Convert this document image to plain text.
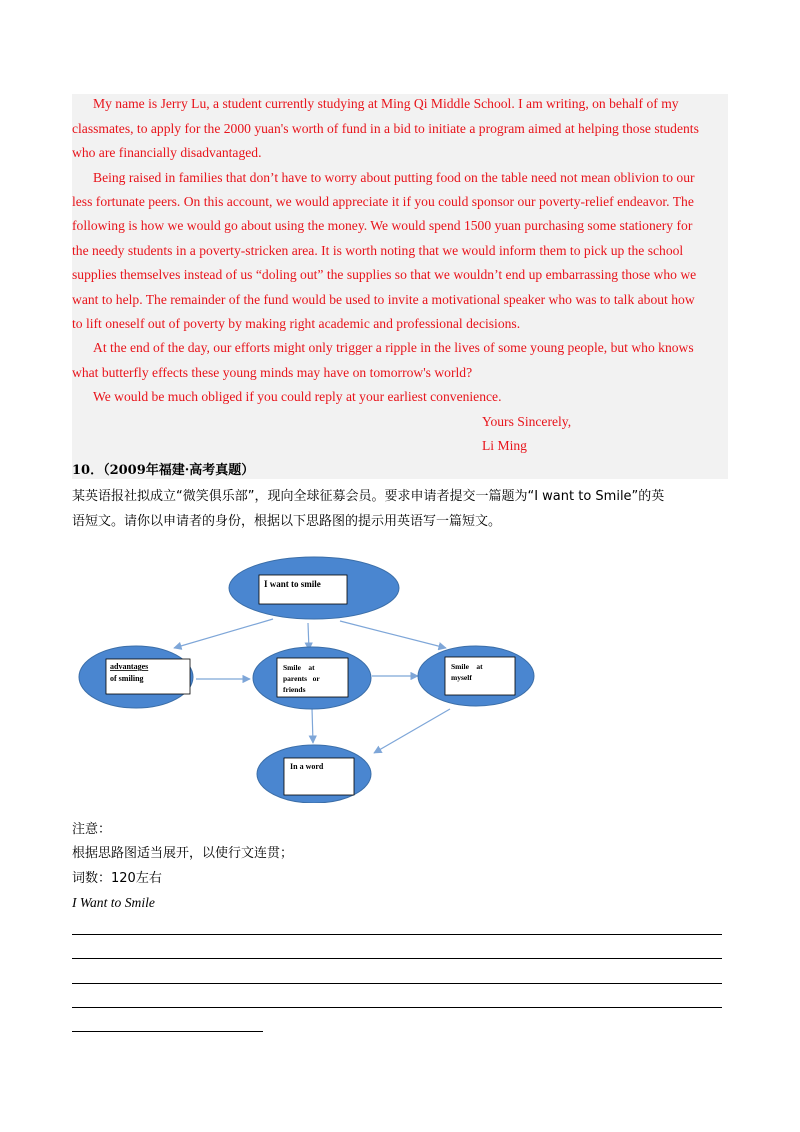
My name is Jerry Lu, a student currently studying at Ming Qi Middle School. I am writing, on behalf of my
classmates, to apply for the 2000 yuan's worth of fund in a bid to initiate a program aimed at helping those students
who are financially disadvantaged.
Being raised in families that don’t have to worry about putting food on the table need not mean oblivion to our
less fortunate peers. On this account, we would appreciate it if you could sponsor our poverty-relief endeavor. The
following is how we would go about using the money. We would spend 1500 yuan purchasing some stationery for
the needy students in a poverty-stricken area. It is worth noting that we would inform them to pick up the school
supplies themselves instead of us “doling out” the supplies so that we wouldn’t end up embarrassing those who we
want to help. The remainder of the fund would be used to invite a motivational speaker who was to talk about how
to lift oneself out of poverty by making right academic and professional decisions.
At the end of the day, our efforts might only trigger a ripple in the lives of some young people, but who knows
what butterfly effects these young minds may have on tomorrow's world?
We would be much obliged if you could reply at your earliest convenience.
Yours Sincerely,
Li Ming
10．（2009年福建·高考真题）
某英语报社拟成立“微笑俱乐部”，现向全球征募会员。要求申请者提交一篇题为“I want to Smile”的英
语短文。请你以申请者的身份，根据以下思路图的提示用英语写一篇短文。
I want to smile
advantages
of smiling
Smile    at
parents   or
friends
Smile    at
myself
In a word
注意：
根据思路图适当展开，以使行文连贯；
词数：120左右
I Want to Smile
